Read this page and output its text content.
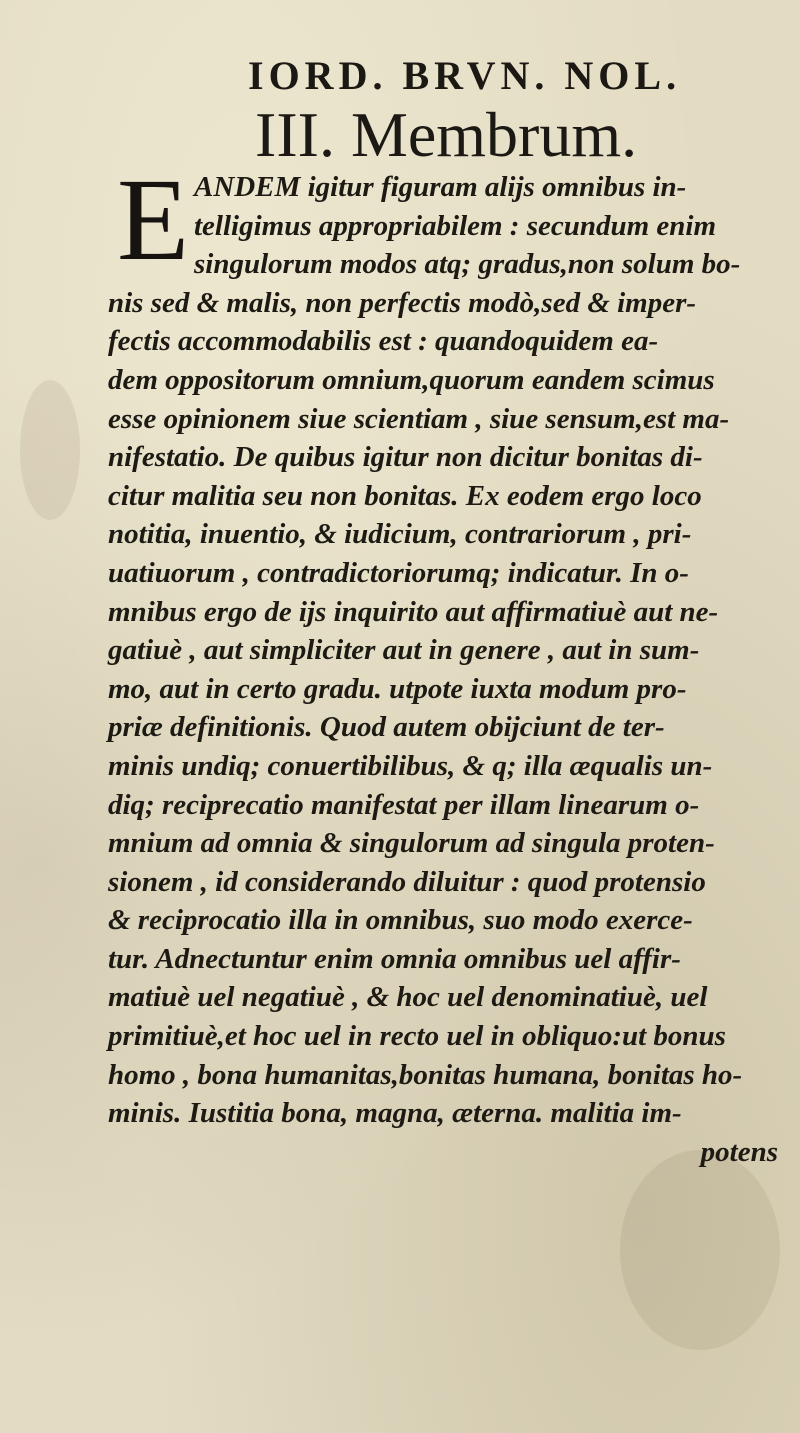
IORD. BRVN. NOL.
III. Membrum.
E ANDEM igitur figuram alijs omnibus in-
telligimus appropriabilem : secundum enim
singulorum modos atq; gradus,non solum bo-
nis sed & malis, non perfectis modò,sed & imper-
fectis accommodabilis est : quandoquidem ea-
dem oppositorum omnium,quorum eandem scimus
esse opinionem siue scientiam , siue sensum,est ma-
nifestatio. De quibus igitur non dicitur bonitas di-
citur malitia seu non bonitas. Ex eodem ergo loco
notitia, inuentio, & iudicium, contrariorum , pri-
uatiuorum , contradictoriorumq; indicatur. In o-
mnibus ergo de ijs inquirito aut affirmatiuè aut ne-
gatiuè , aut simpliciter aut in genere , aut in sum-
mo, aut in certo gradu. utpote iuxta modum pro-
priæ definitionis. Quod autem obijciunt de ter-
minis undiq; conuertibilibus, & q; illa æqualis un-
diq; reciprecatio manifestat per illam linearum o-
mnium ad omnia & singulorum ad singula proten-
sionem , id considerando diluitur : quod protensio
& reciprocatio illa in omnibus, suo modo exerce-
tur. Adnectuntur enim omnia omnibus uel affir-
matiuè uel negatiuè , & hoc uel denominatiuè, uel
primitiuè,et hoc uel in recto uel in obliquo:ut bonus
homo , bona humanitas,bonitas humana, bonitas ho-
minis. Iustitia bona, magna, æterna. malitia im-
potens
